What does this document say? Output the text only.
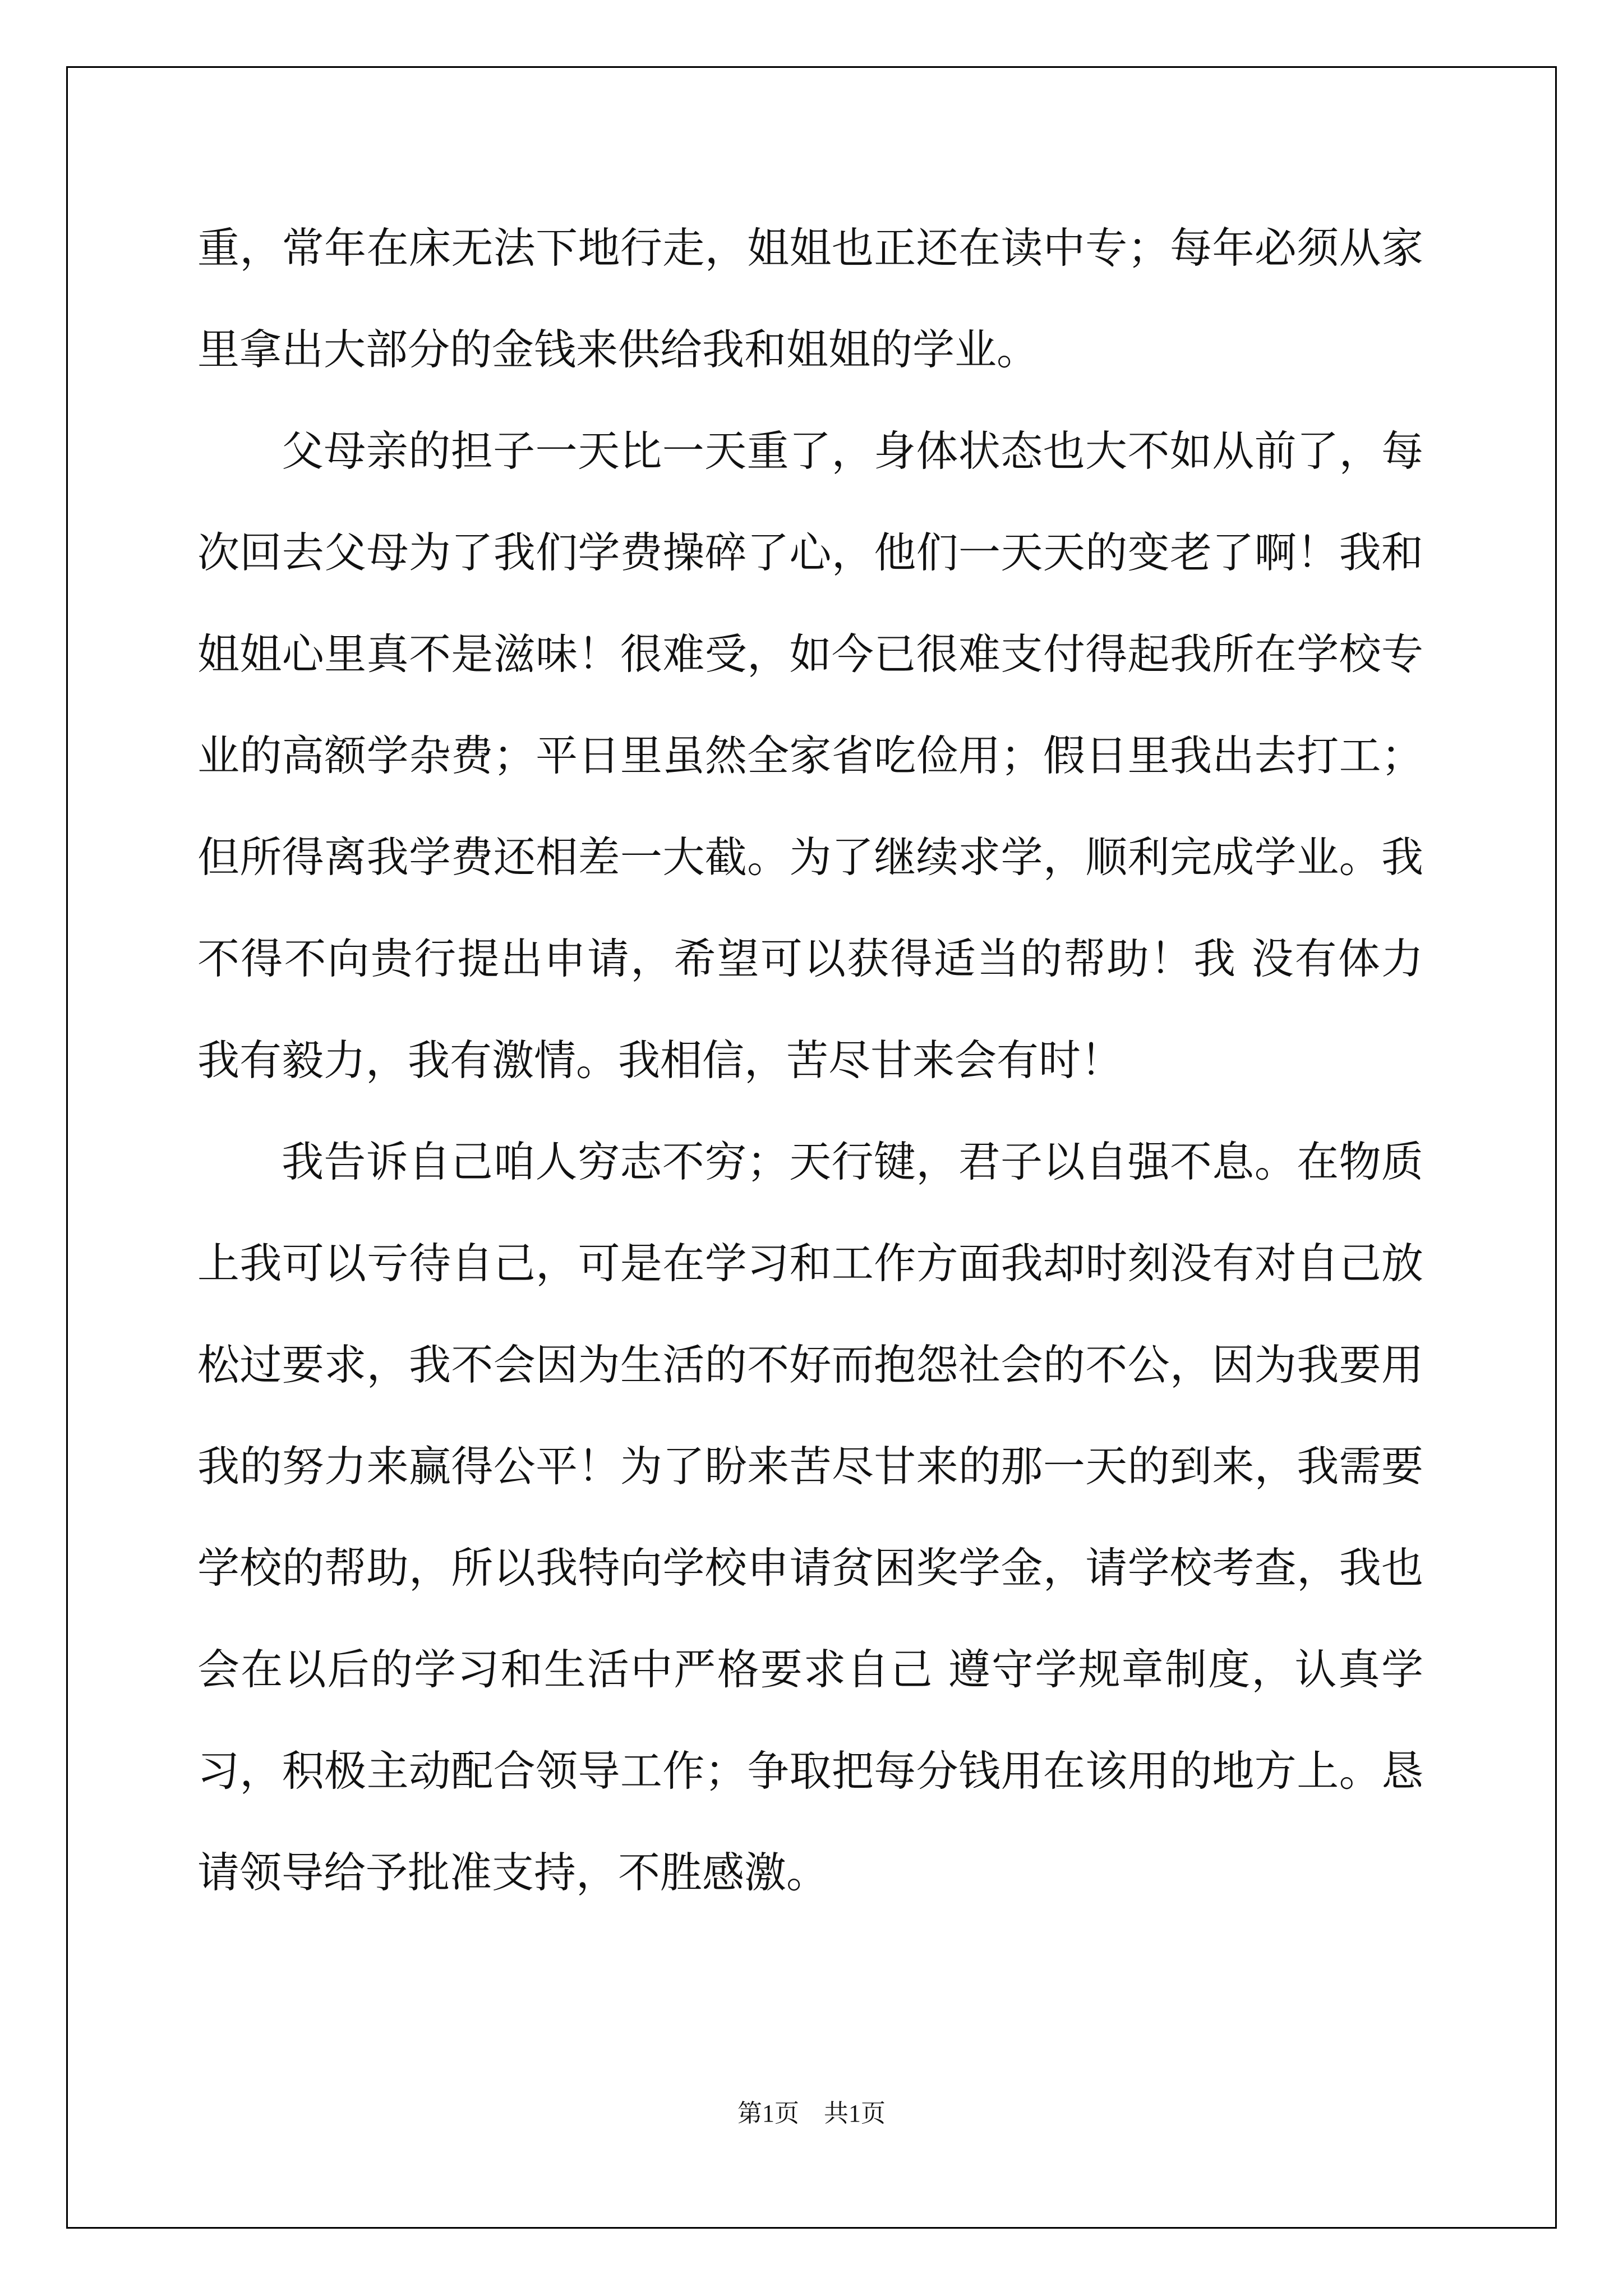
重，常年在床无法下地行走，姐姐也正还在读中专；每年必须从家里拿出大部分的金钱来供给我和姐姐的学业。

父母亲的担子一天比一天重了，身体状态也大不如从前了，每次回去父母为了我们学费操碎了心，他们一天天的变老了啊！我和姐姐心里真不是滋味！很难受，如今已很难支付得起我所在学校专业的高额学杂费；平日里虽然全家省吃俭用；假日里我出去打工；但所得离我学费还相差一大截。为了继续求学，顺利完成学业。我不得不向贵行提出申请，希望可以获得适当的帮助！我 没有体力我有毅力，我有激情。我相信，苦尽甘来会有时！

我告诉自己咱人穷志不穷；天行键，君子以自强不息。在物质上我可以亏待自己，可是在学习和工作方面我却时刻没有对自己放松过要求，我不会因为生活的不好而抱怨社会的不公，因为我要用我的努力来赢得公平！为了盼来苦尽甘来的那一天的到来，我需要学校的帮助，所以我特向学校申请贫困奖学金，请学校考查，我也会在以后的学习和生活中严格要求自己 遵守学规章制度，认真学习，积极主动配合领导工作；争取把每分钱用在该用的地方上。恳请领导给予批准支持，不胜感激。

第1页　共1页
